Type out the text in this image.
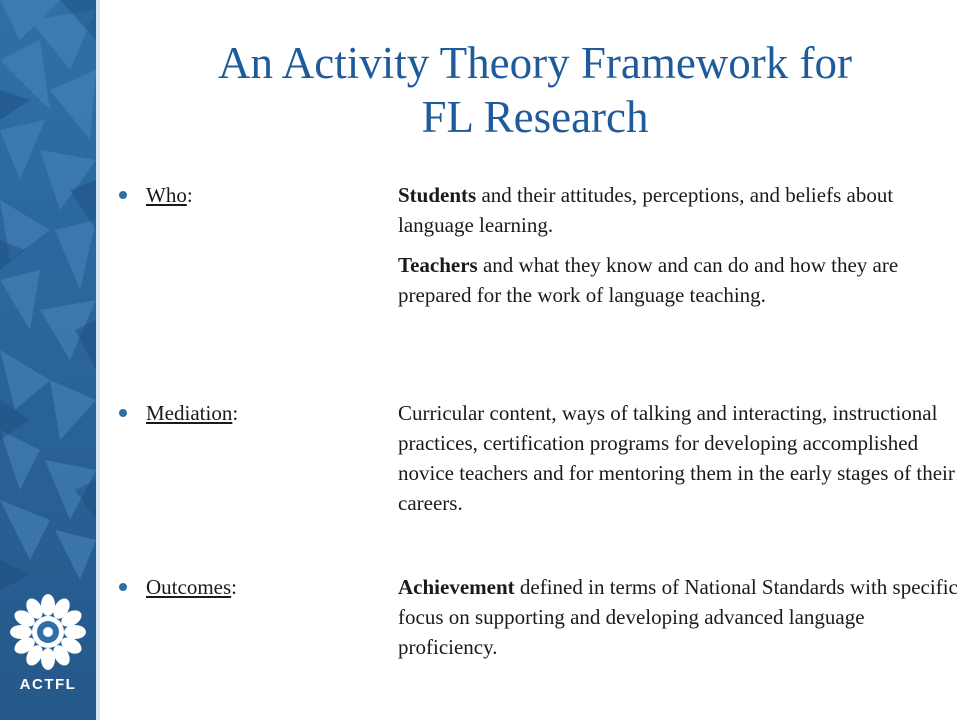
ACTFL
An Activity Theory Framework for
FL Research
Who:	Students and their attitudes, perceptions, and beliefs about language learning.
Teachers and what they know and can do and how they are prepared for the work of language teaching.
Mediation:	Curricular content, ways of talking and interacting, instructional practices, certification programs for developing accomplished novice teachers and for mentoring them in the early stages of their careers.
Outcomes:	Achievement defined in terms of National Standards with specific focus on supporting and developing advanced language proficiency.
